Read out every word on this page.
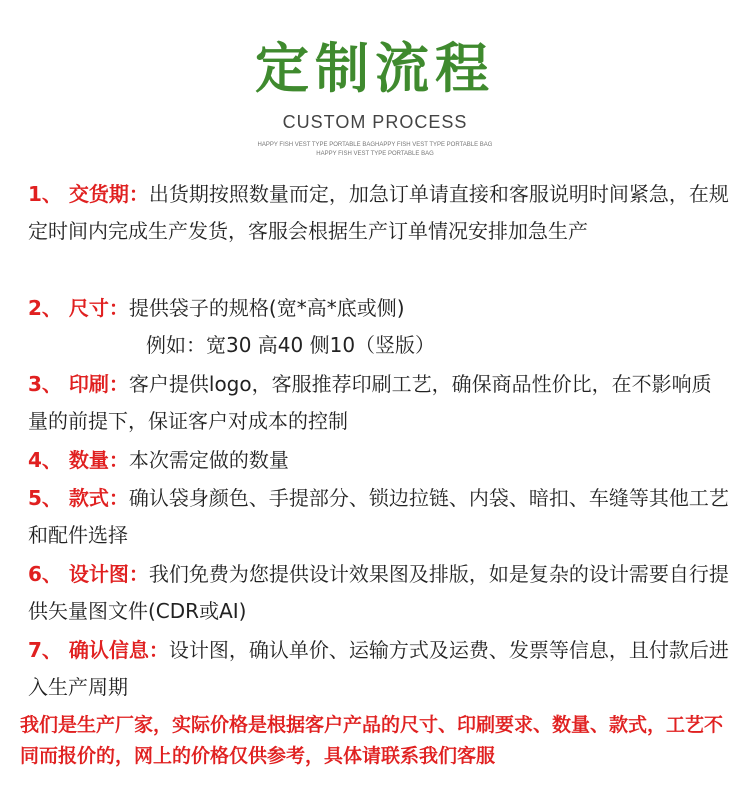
定制流程
CUSTOM PROCESS
HAPPY FISH VEST TYPE PORTABLE BAGHAPPY FISH VEST TYPE PORTABLE BAG
HAPPY FISH VEST TYPE PORTABLE BAG
1、 交货期：出货期按照数量而定，加急订单请直接和客服说明时间紧急，在规定时间内完成生产发货，客服会根据生产订单情况安排加急生产
2、 尺寸：提供袋子的规格(宽*高*底或侧)
例如：宽30 高40 侧10（竖版）
3、 印刷：客户提供logo，客服推荐印刷工艺，确保商品性价比，在不影响质量的前提下，保证客户对成本的控制
4、 数量：本次需定做的数量
5、 款式：确认袋身颜色、手提部分、锁边拉链、内袋、暗扣、车缝等其他工艺和配件选择
6、 设计图：我们免费为您提供设计效果图及排版，如是复杂的设计需要自行提供矢量图文件(CDR或AI)
7、 确认信息：设计图，确认单价、运输方式及运费、发票等信息，且付款后进入生产周期
我们是生产厂家，实际价格是根据客户产品的尺寸、印刷要求、数量、款式，工艺不同而报价的，网上的价格仅供参考，具体请联系我们客服
